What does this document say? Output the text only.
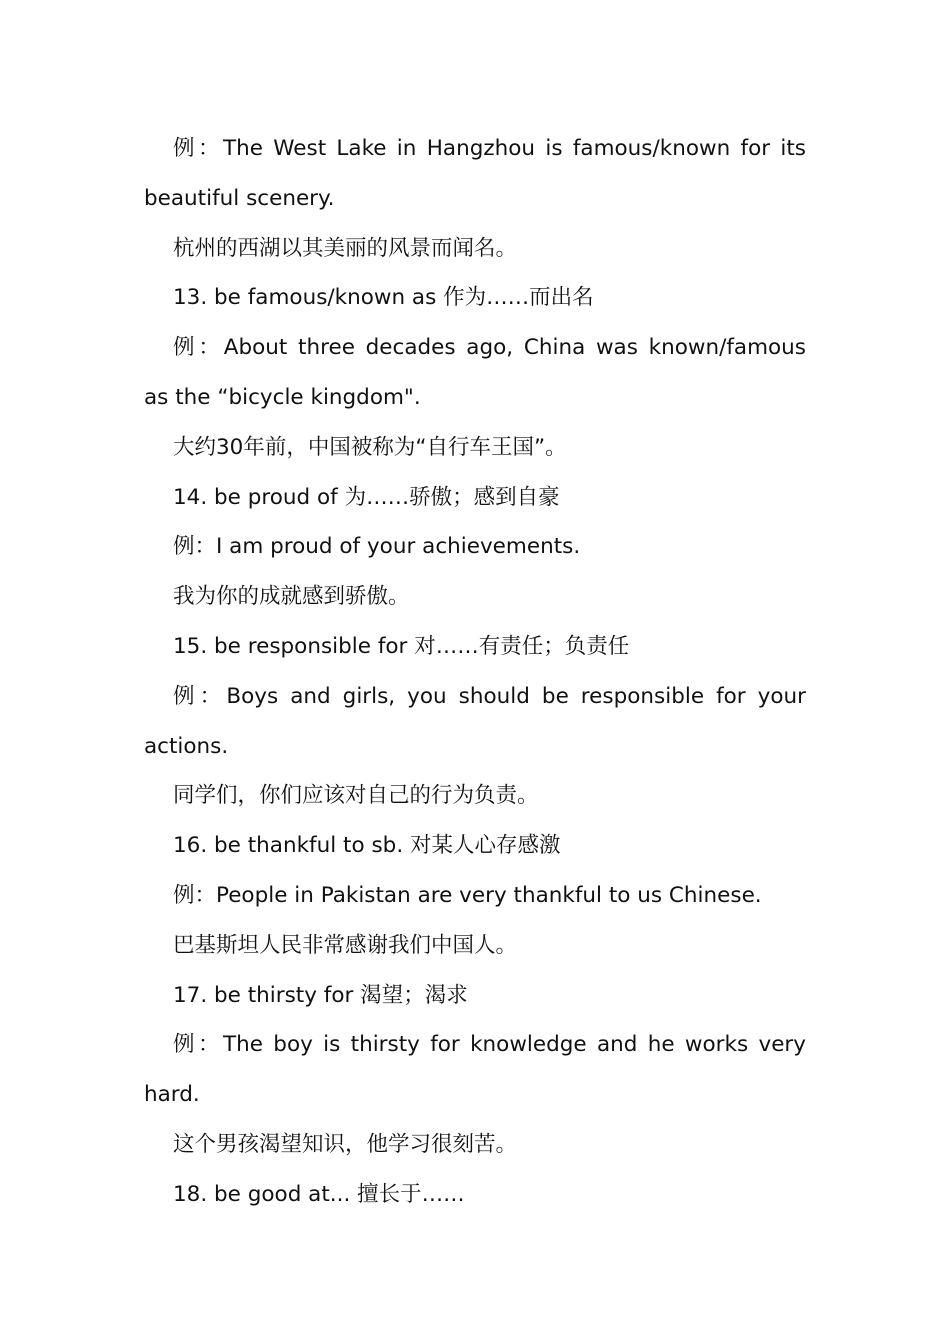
例：The West Lake in Hangzhou is famous/known for its beautiful scenery.

杭州的西湖以其美丽的风景而闻名。

13. be famous/known as 作为……而出名

例：About three decades ago, China was known/famous as the “bicycle kingdom".

大约30年前，中国被称为“自行车王国”。

14. be proud of 为……骄傲；感到自豪

例：I am proud of your achievements.

我为你的成就感到骄傲。

15. be responsible for 对……有责任；负责任

例：Boys and girls, you should be responsible for your actions.

同学们，你们应该对自己的行为负责。

16. be thankful to sb. 对某人心存感激

例：People in Pakistan are very thankful to us Chinese.

巴基斯坦人民非常感谢我们中国人。

17. be thirsty for 渴望；渴求

例：The boy is thirsty for knowledge and he works very hard.

这个男孩渴望知识，他学习很刻苦。

18. be good at... 擅长于……
